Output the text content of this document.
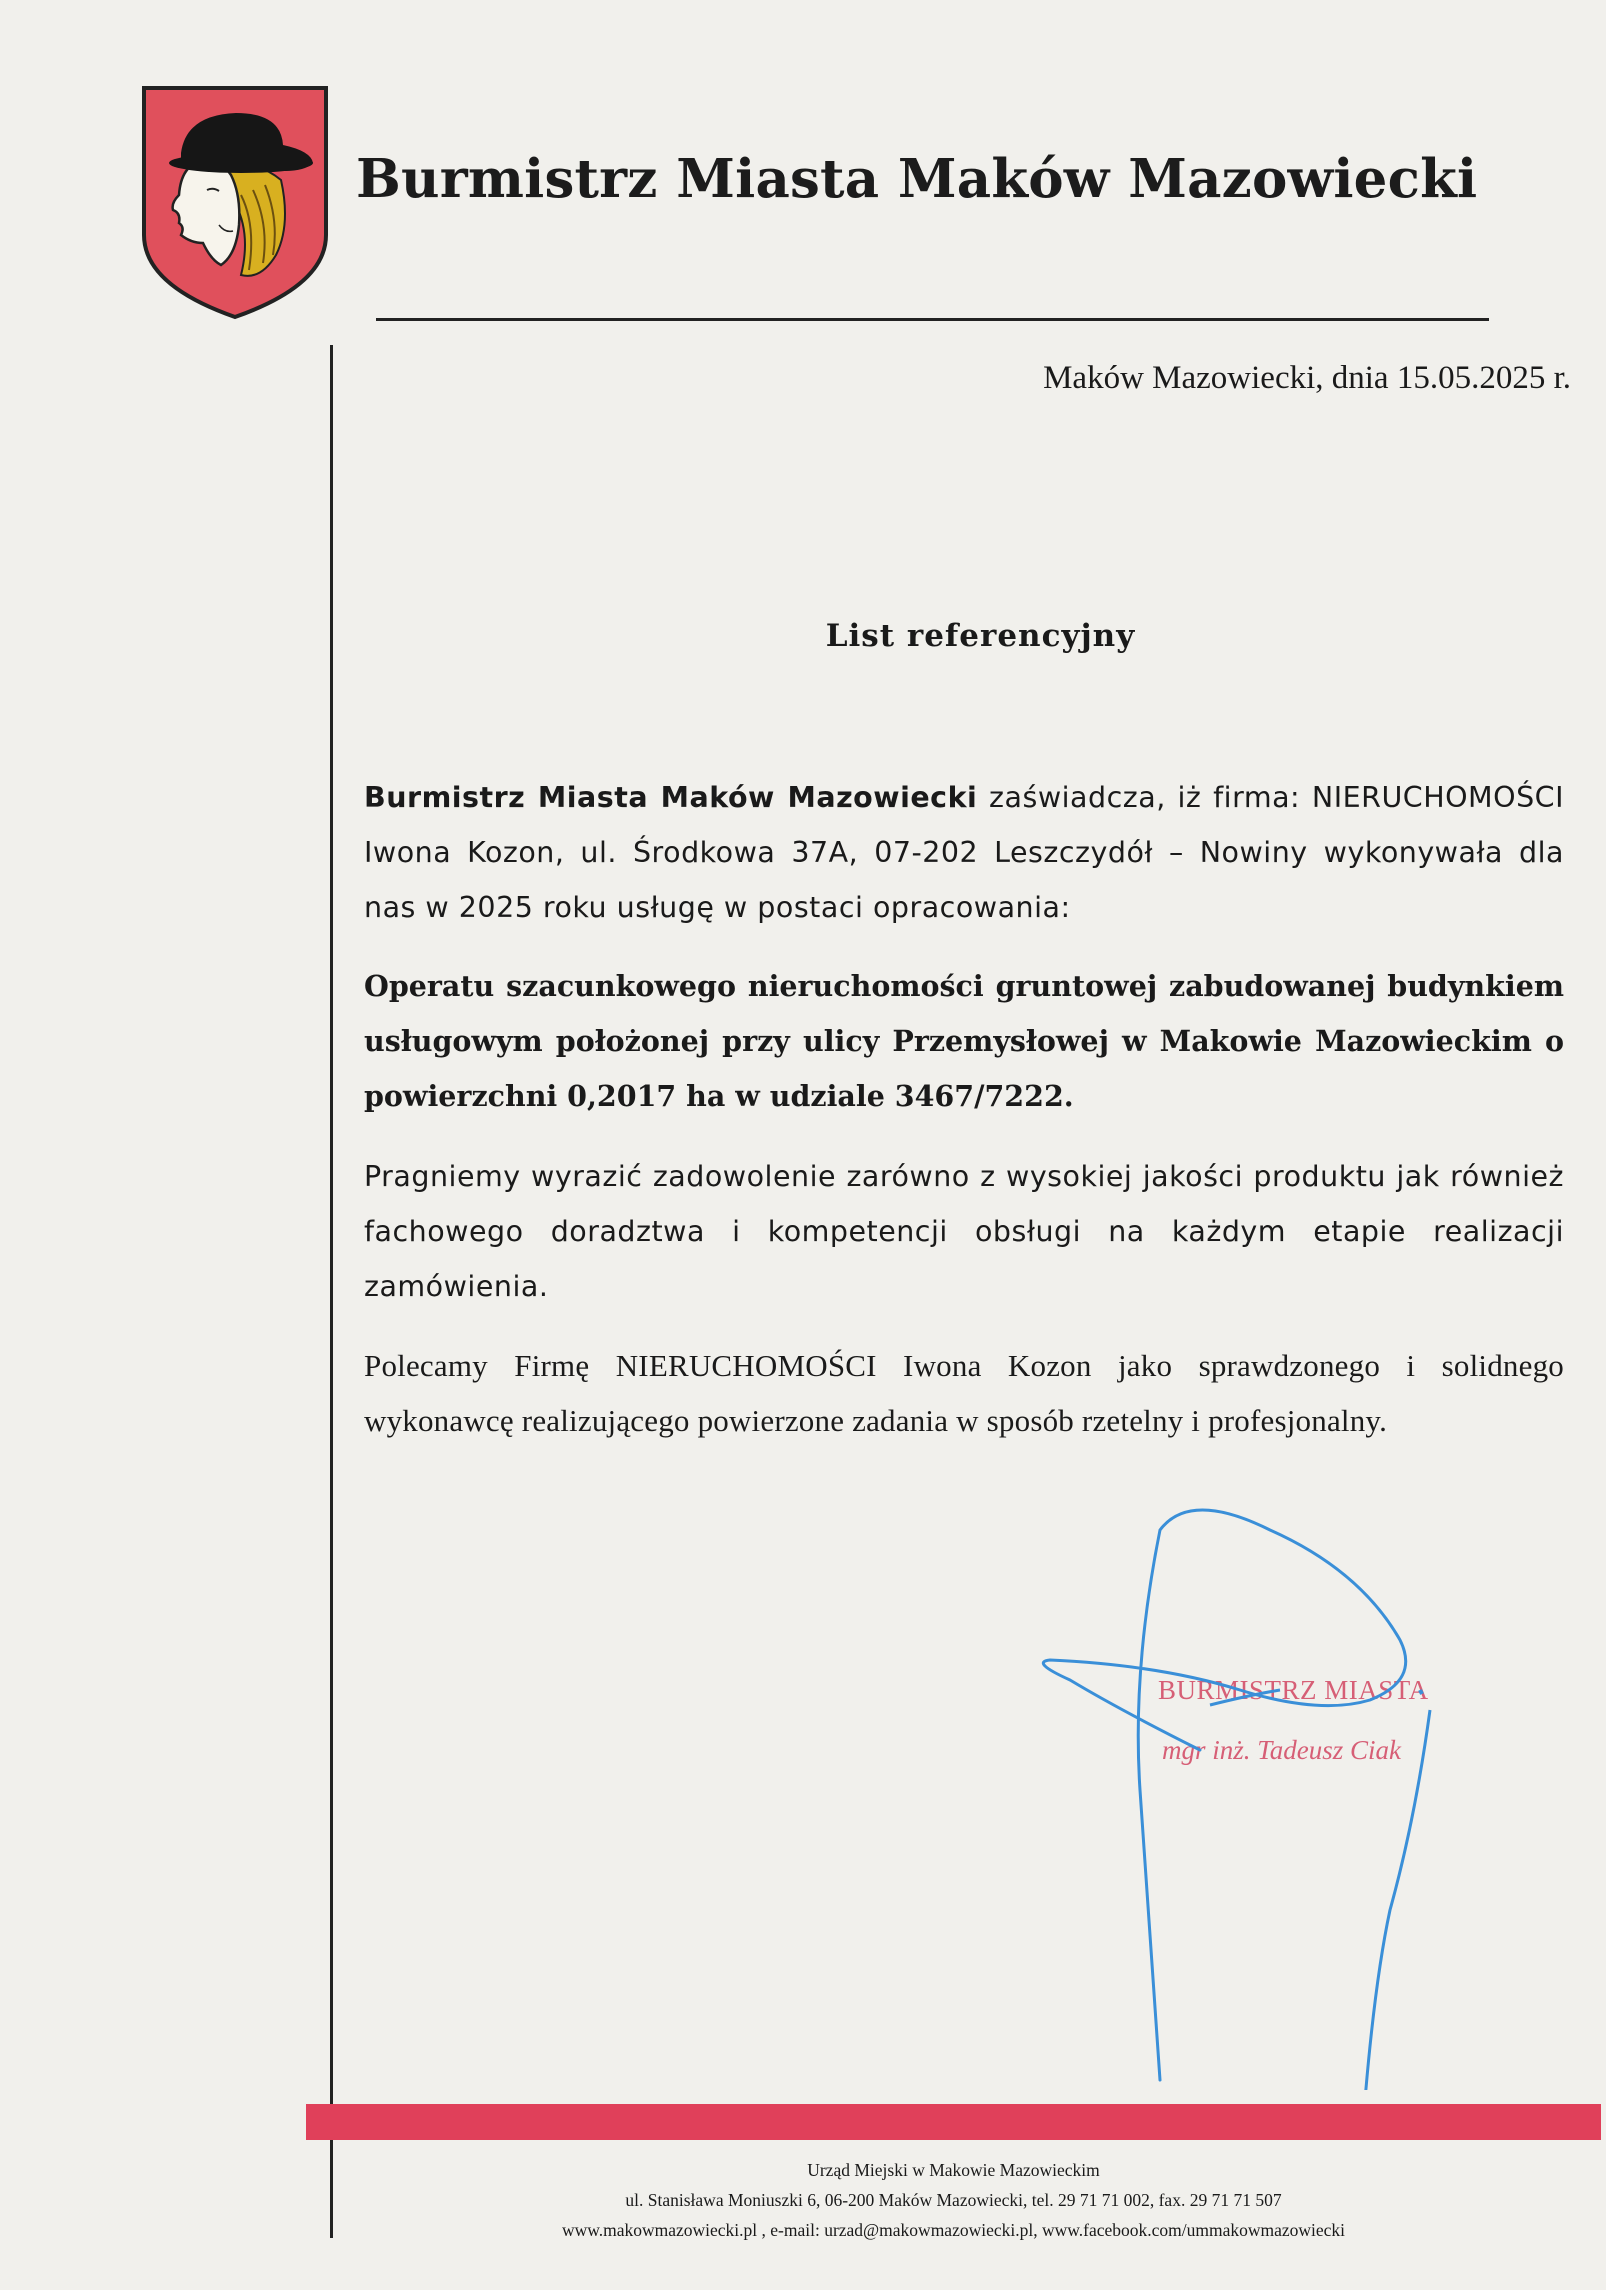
Burmistrz Miasta Maków Mazowiecki
Maków Mazowiecki, dnia 15.05.2025 r.
List referencyjny
Burmistrz Miasta Maków Mazowiecki zaświadcza, iż firma: NIERUCHOMOŚCI
Iwona Kozon, ul. Środkowa 37A, 07-202 Leszczydół – Nowiny wykonywała dla
nas w 2025 roku usługę w postaci opracowania:
Operatu szacunkowego nieruchomości gruntowej zabudowanej budynkiem
usługowym położonej przy ulicy Przemysłowej w Makowie Mazowieckim o
powierzchni 0,2017 ha w udziale 3467/7222.
Pragniemy wyrazić zadowolenie zarówno z wysokiej jakości produktu jak również
fachowego doradztwa i kompetencji obsługi na każdym etapie realizacji
zamówienia.
Polecamy Firmę NIERUCHOMOŚCI Iwona Kozon jako sprawdzonego i solidnego
wykonawcę realizującego powierzone zadania w sposób rzetelny i profesjonalny.
BURMISTRZ MIASTA
mgr inż. Tadeusz Ciak
Urząd Miejski w Makowie Mazowieckim
ul. Stanisława Moniuszki 6, 06-200 Maków Mazowiecki, tel. 29 71 71 002, fax. 29 71 71 507
www.makowmazowiecki.pl , e-mail: urzad@makowmazowiecki.pl, www.facebook.com/ummakowmazowiecki
